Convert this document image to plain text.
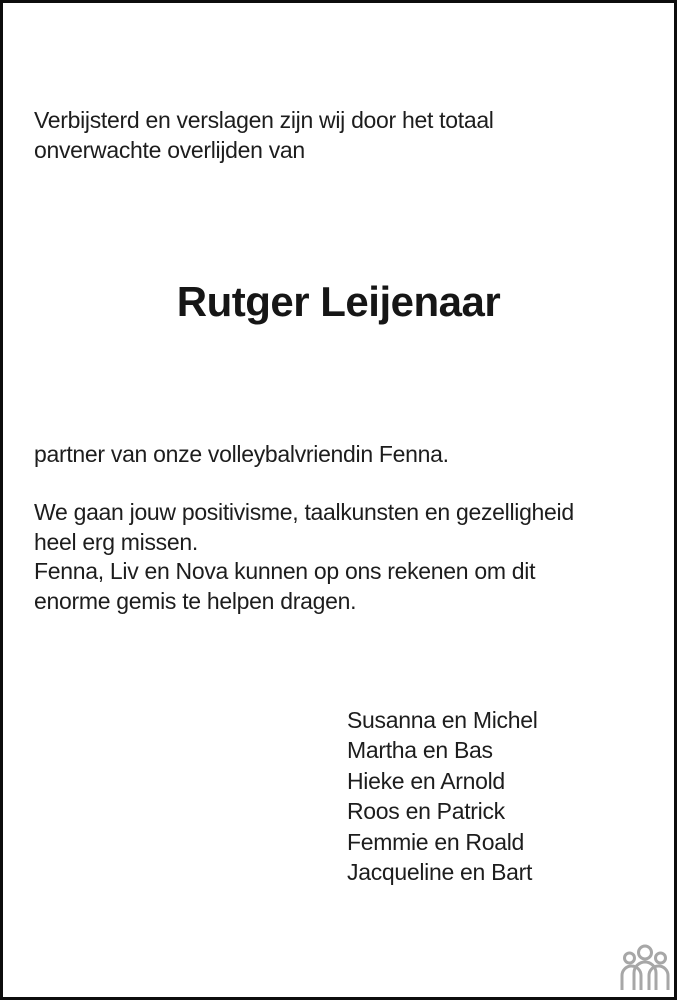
Verbijsterd en verslagen zijn wij door het totaal
onverwachte overlijden van
Rutger Leijenaar
partner van onze volleybalvriendin Fenna.
We gaan jouw positivisme, taalkunsten en gezelligheid
heel erg missen.
Fenna, Liv en Nova kunnen op ons rekenen om dit
enorme gemis te helpen dragen.
Susanna en Michel
Martha en Bas
Hieke en Arnold
Roos en Patrick
Femmie en Roald
Jacqueline en Bart
